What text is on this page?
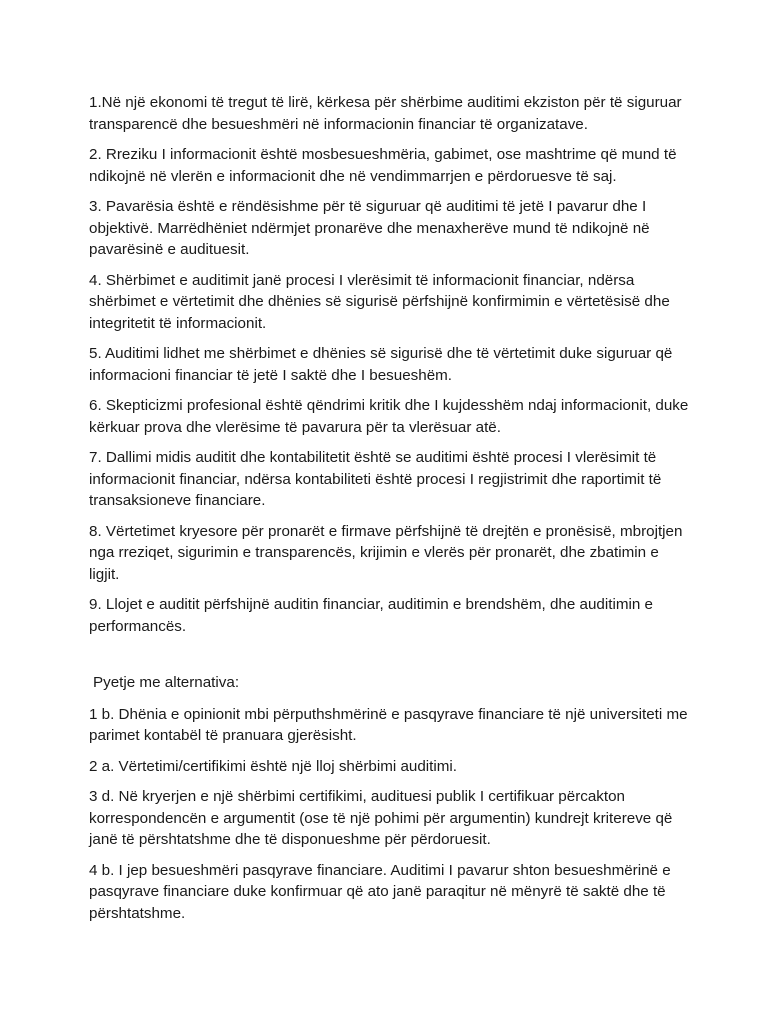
1.Në një ekonomi të tregut të lirë, kërkesa për shërbime auditimi ekziston për të siguruar transparencë dhe besueshmëri në informacionin financiar të organizatave.

2. Rreziku I informacionit është mosbesueshmëria, gabimet, ose mashtrime që mund të ndikojnë në vlerën e informacionit dhe në vendimmarrjen e përdoruesve të saj.

3. Pavarësia është e rëndësishme për të siguruar që auditimi të jetë I pavarur dhe I objektivë. Marrëdhëniet ndërmjet pronarëve dhe menaxherëve mund të ndikojnë në pavarësinë e audituesit.

4. Shërbimet e auditimit janë procesi I vlerësimit të informacionit financiar, ndërsa shërbimet e vërtetimit dhe dhënies së sigurisë përfshijnë konfirmimin e vërtetësisë dhe integritetit të informacionit.

5. Auditimi lidhet me shërbimet e dhënies së sigurisë dhe të vërtetimit duke siguruar që informacioni financiar të jetë I saktë dhe I besueshëm.

6. Skepticizmi profesional është qëndrimi kritik dhe I kujdesshëm ndaj informacionit, duke kërkuar prova dhe vlerësime të pavarura për ta vlerësuar atë.

7. Dallimi midis auditit dhe kontabilitetit është se auditimi është procesi I vlerësimit të informacionit financiar, ndërsa kontabiliteti është procesi I regjistrimit dhe raportimit të transaksioneve financiare.

8. Vërtetimet kryesore për pronarët e firmave përfshijnë të drejtën e pronësisë, mbrojtjen nga rreziqet, sigurimin e transparencës, krijimin e vlerës për pronarët, dhe zbatimin e ligjit.

9. Llojet e auditit përfshijnë auditin financiar, auditimin e brendshëm, dhe auditimin e performancës.

Pyetje me alternativa:

1 b. Dhënia e opinionit mbi përputhshmërinë e pasqyrave financiare të një universiteti me parimet kontabël të pranuara gjerësisht.

2 a. Vërtetimi/certifikimi është një lloj shërbimi auditimi.

3 d. Në kryerjen e një shërbimi certifikimi, audituesi publik I certifikuar përcakton korrespondencën e argumentit (ose të një pohimi për argumentin) kundrejt kritereve që janë të përshtatshme dhe të disponueshme për përdoruesit.

4 b. I jep besueshmëri pasqyrave financiare. Auditimi I pavarur shton besueshmërinë e pasqyrave financiare duke konfirmuar që ato janë paraqitur në mënyrë të saktë dhe të përshtatshme.
